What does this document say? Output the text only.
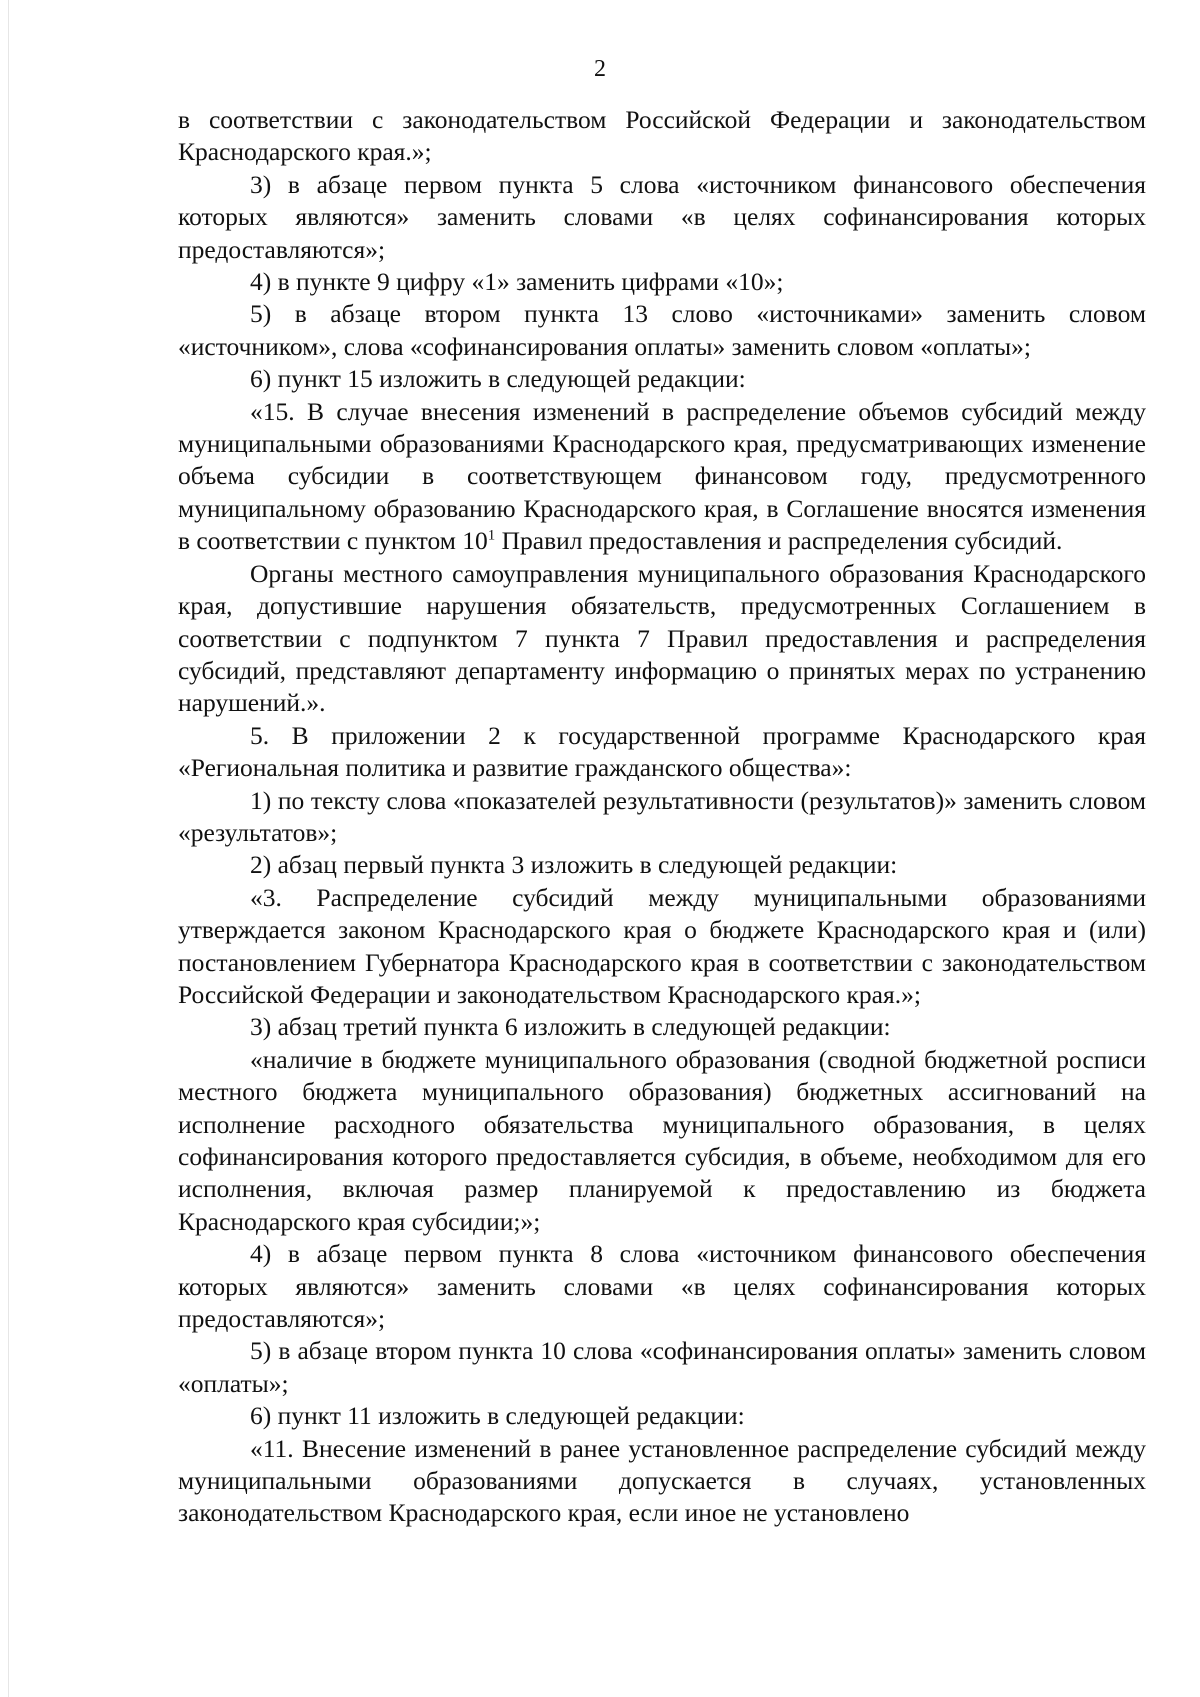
2

в соответствии с законодательством Российской Федерации и законодательством Краснодарского края.»;

3) в абзаце первом пункта 5 слова «источником финансового обеспечения которых являются» заменить словами «в целях софинансирования которых предоставляются»;

4) в пункте 9 цифру «1» заменить цифрами «10»;

5) в абзаце втором пункта 13 слово «источниками» заменить словом «источником», слова «софинансирования оплаты» заменить словом «оплаты»;

6) пункт 15 изложить в следующей редакции:

«15. В случае внесения изменений в распределение объемов субсидий между муниципальными образованиями Краснодарского края, предусматривающих изменение объема субсидии в соответствующем финансовом году, предусмотренного муниципальному образованию Краснодарского края, в Соглашение вносятся изменения в соответствии с пунктом $10^1$ Правил предоставления и распределения субсидий.

Органы местного самоуправления муниципального образования Краснодарского края, допустившие нарушения обязательств, предусмотренных Соглашением в соответствии с подпунктом 7 пункта 7 Правил предоставления и распределения субсидий, представляют департаменту информацию о принятых мерах по устранению нарушений.».

5. В приложении 2 к государственной программе Краснодарского края «Региональная политика и развитие гражданского общества»:

1) по тексту слова «показателей результативности (результатов)» заменить словом «результатов»;

2) абзац первый пункта 3 изложить в следующей редакции:

«3. Распределение субсидий между муниципальными образованиями утверждается законом Краснодарского края о бюджете Краснодарского края и (или) постановлением Губернатора Краснодарского края в соответствии с законодательством Российской Федерации и законодательством Краснодарского края.»;

3) абзац третий пункта 6 изложить в следующей редакции:

«наличие в бюджете муниципального образования (сводной бюджетной росписи местного бюджета муниципального образования) бюджетных ассигнований на исполнение расходного обязательства муниципального образования, в целях софинансирования которого предоставляется субсидия, в объеме, необходимом для его исполнения, включая размер планируемой к предоставлению из бюджета Краснодарского края субсидии;»;

4) в абзаце первом пункта 8 слова «источником финансового обеспечения которых являются» заменить словами «в целях софинансирования которых предоставляются»;

5) в абзаце втором пункта 10 слова «софинансирования оплаты» заменить словом «оплаты»;

6) пункт 11 изложить в следующей редакции:

«11. Внесение изменений в ранее установленное распределение субсидий между муниципальными образованиями допускается в случаях, установленных законодательством Краснодарского края, если иное не установлено
